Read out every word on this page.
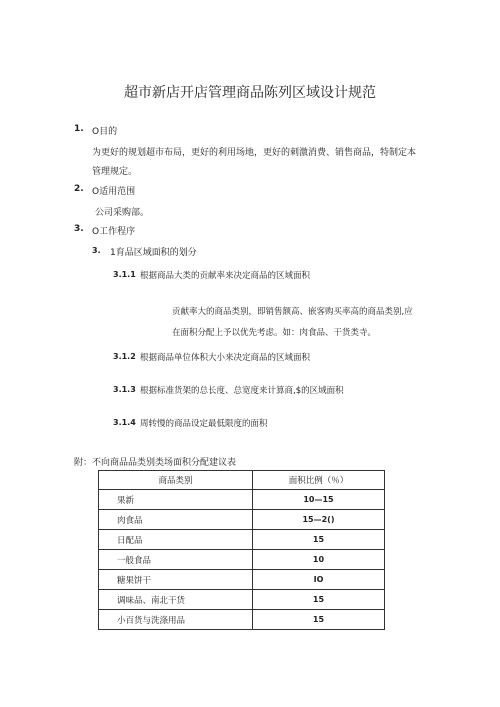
超市新店开店管理商品陈列区域设计规范
1. O目的
为更好的规划超市布局，更好的利用场地，更好的刺激消费、销售商品，特制定本
管理规定。
2. O适用范围
公司采购部。
3. O工作程序
3. 1育品区域面积的划分
3.1.1 根据商品大类的贡献率来决定商品的区域面积
贡献率大的商品类别，即销售额高、嵌客购买率高的商品类别,应
在面积分配上予以优先考虑。如：肉食品、干货类寺。
3.1.2 根据商品单位体积大小来决定商品的区域面积
3.1.3 根据标准货架的总长度、总宽度来计算商,$的区域面积
3.1.4 周转慢的商品设定最低限度的面积
附：不向商品品类别类场面积分配建议表
商品类别	面积比例（％）
果新	10—15
肉食品	15—2()
日配品	15
一般食品	10
糖果饼干	IO
调味品、南北干货	15
小百货与洗涤用品	15
